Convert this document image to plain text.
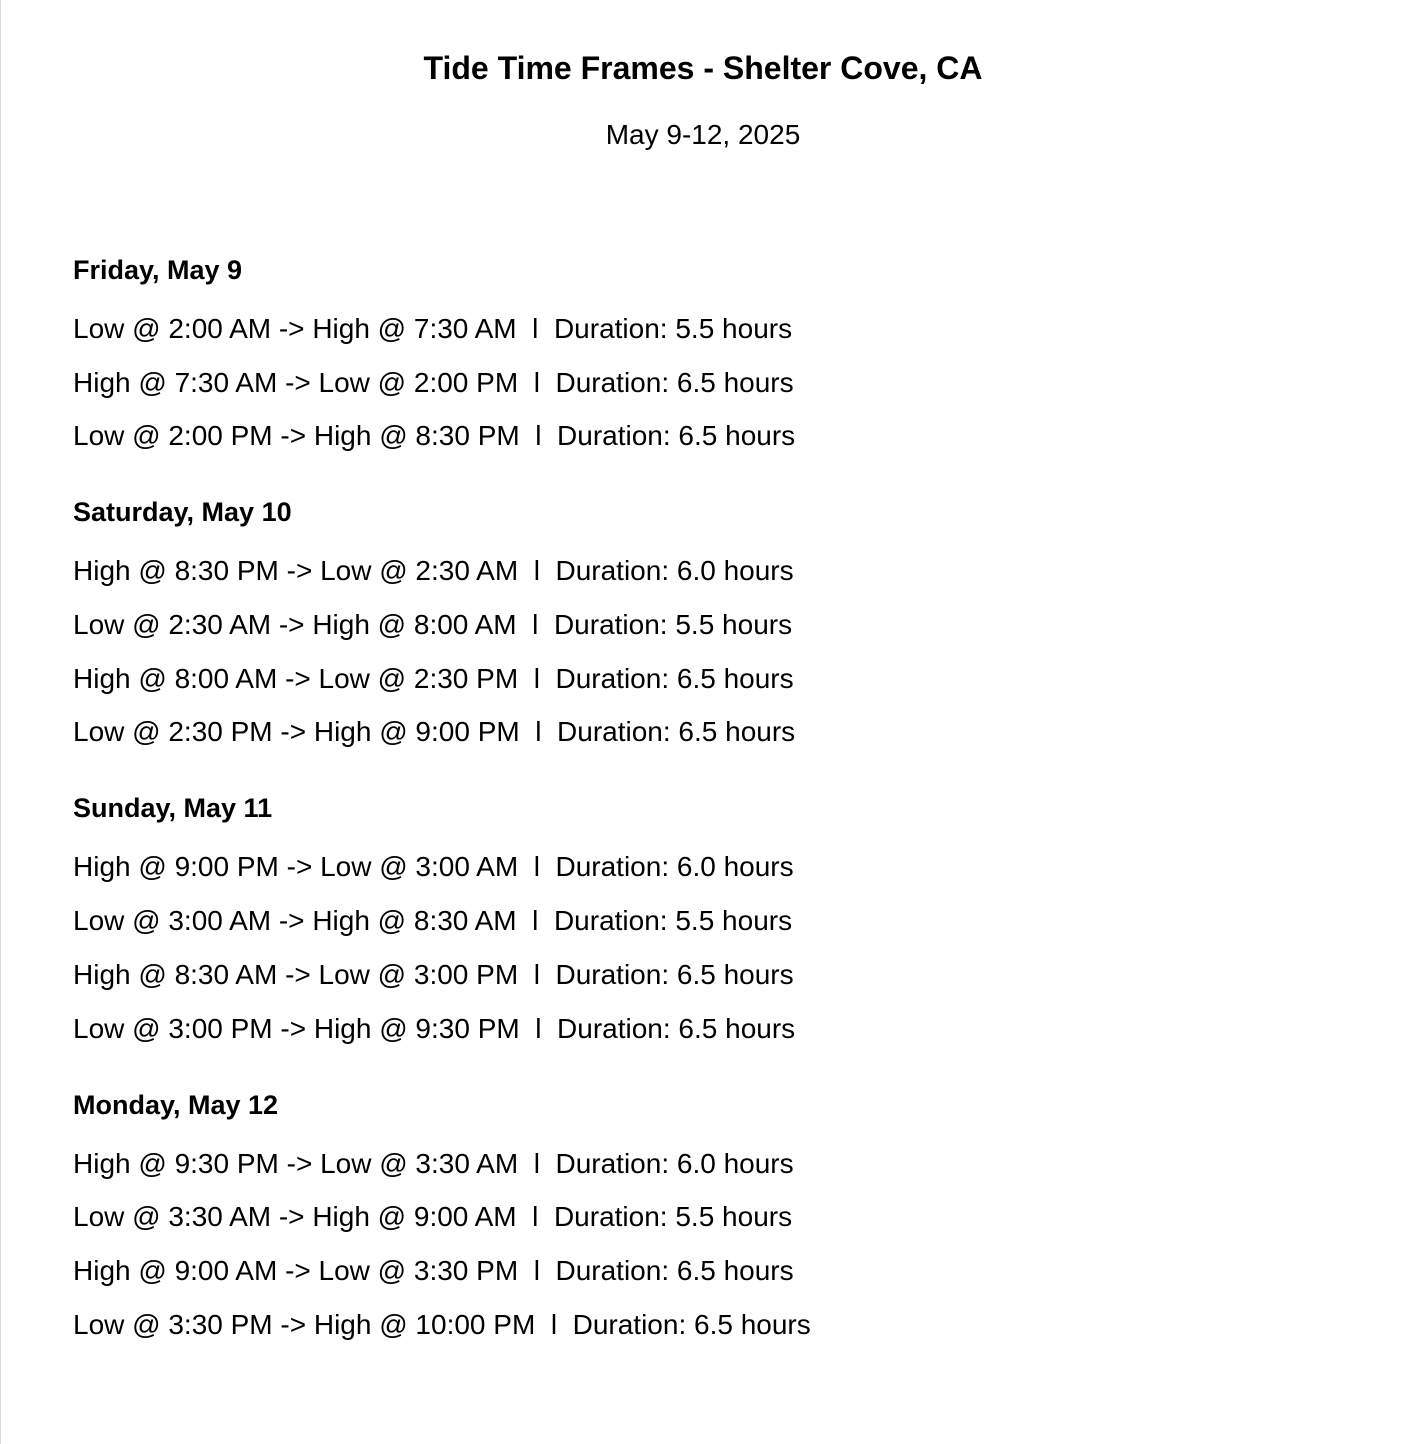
Tide Time Frames - Shelter Cove, CA

May 9-12, 2025

Friday, May 9
Low @ 2:00 AM -> High @ 7:30 AM  l  Duration: 5.5 hours
High @ 7:30 AM -> Low @ 2:00 PM  l  Duration: 6.5 hours
Low @ 2:00 PM -> High @ 8:30 PM  l  Duration: 6.5 hours
Saturday, May 10
High @ 8:30 PM -> Low @ 2:30 AM  l  Duration: 6.0 hours
Low @ 2:30 AM -> High @ 8:00 AM  l  Duration: 5.5 hours
High @ 8:00 AM -> Low @ 2:30 PM  l  Duration: 6.5 hours
Low @ 2:30 PM -> High @ 9:00 PM  l  Duration: 6.5 hours
Sunday, May 11
High @ 9:00 PM -> Low @ 3:00 AM  l  Duration: 6.0 hours
Low @ 3:00 AM -> High @ 8:30 AM  l  Duration: 5.5 hours
High @ 8:30 AM -> Low @ 3:00 PM  l  Duration: 6.5 hours
Low @ 3:00 PM -> High @ 9:30 PM  l  Duration: 6.5 hours
Monday, May 12
High @ 9:30 PM -> Low @ 3:30 AM  l  Duration: 6.0 hours
Low @ 3:30 AM -> High @ 9:00 AM  l  Duration: 5.5 hours
High @ 9:00 AM -> Low @ 3:30 PM  l  Duration: 6.5 hours
Low @ 3:30 PM -> High @ 10:00 PM  l  Duration: 6.5 hours
